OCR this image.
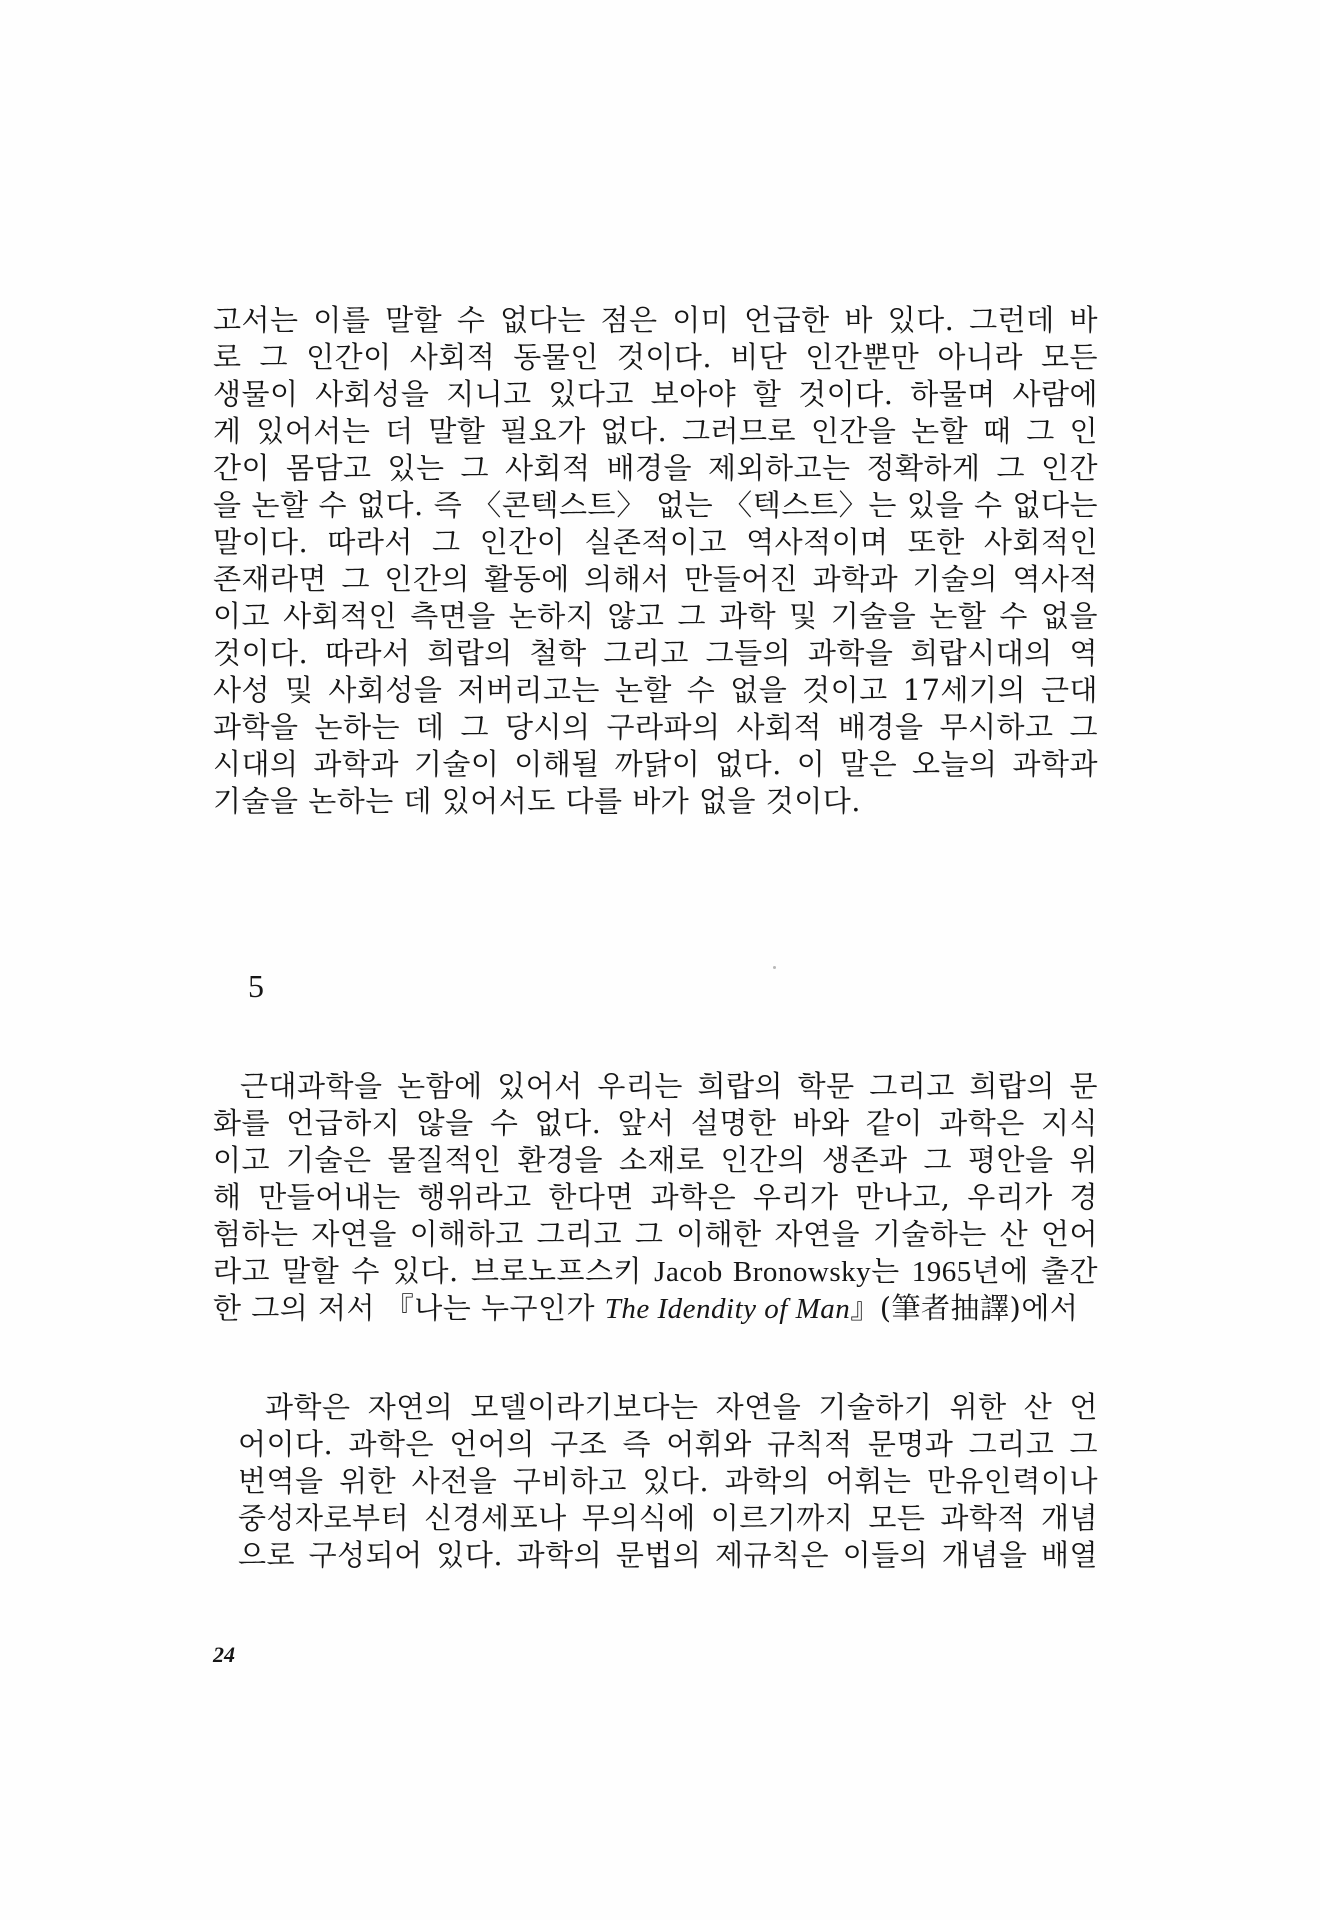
고서는 이를 말할 수 없다는 점은 이미 언급한 바 있다. 그런데 바
로 그 인간이 사회적 동물인 것이다. 비단 인간뿐만 아니라 모든
생물이 사회성을 지니고 있다고 보아야 할 것이다. 하물며 사람에
게 있어서는 더 말할 필요가 없다. 그러므로 인간을 논할 때 그 인
간이 몸담고 있는 그 사회적 배경을 제외하고는 정확하게 그 인간
을 논할 수 없다. 즉 〈콘텍스트〉 없는 〈텍스트〉는 있을 수 없다는
말이다. 따라서 그 인간이 실존적이고 역사적이며 또한 사회적인
존재라면 그 인간의 활동에 의해서 만들어진 과학과 기술의 역사적
이고 사회적인 측면을 논하지 않고 그 과학 및 기술을 논할 수 없을
것이다. 따라서 희랍의 철학 그리고 그들의 과학을 희랍시대의 역
사성 및 사회성을 저버리고는 논할 수 없을 것이고 17세기의 근대
과학을 논하는 데 그 당시의 구라파의 사회적 배경을 무시하고 그
시대의 과학과 기술이 이해될 까닭이 없다. 이 말은 오늘의 과학과
기술을 논하는 데 있어서도 다를 바가 없을 것이다.
5
근대과학을 논함에 있어서 우리는 희랍의 학문 그리고 희랍의 문
화를 언급하지 않을 수 없다. 앞서 설명한 바와 같이 과학은 지식
이고 기술은 물질적인 환경을 소재로 인간의 생존과 그 평안을 위
해 만들어내는 행위라고 한다면 과학은 우리가 만나고, 우리가 경
험하는 자연을 이해하고 그리고 그 이해한 자연을 기술하는 산 언어
라고 말할 수 있다. 브로노프스키 Jacob Bronowsky는 1965년에 출간
한 그의 저서 『나는 누구인가 The Idendity of Man』(筆者抽譯)에서
과학은 자연의 모델이라기보다는 자연을 기술하기 위한 산 언
어이다. 과학은 언어의 구조 즉 어휘와 규칙적 문명과 그리고 그
번역을 위한 사전을 구비하고 있다. 과학의 어휘는 만유인력이나
중성자로부터 신경세포나 무의식에 이르기까지 모든 과학적 개념
으로 구성되어 있다. 과학의 문법의 제규칙은 이들의 개념을 배열
24
